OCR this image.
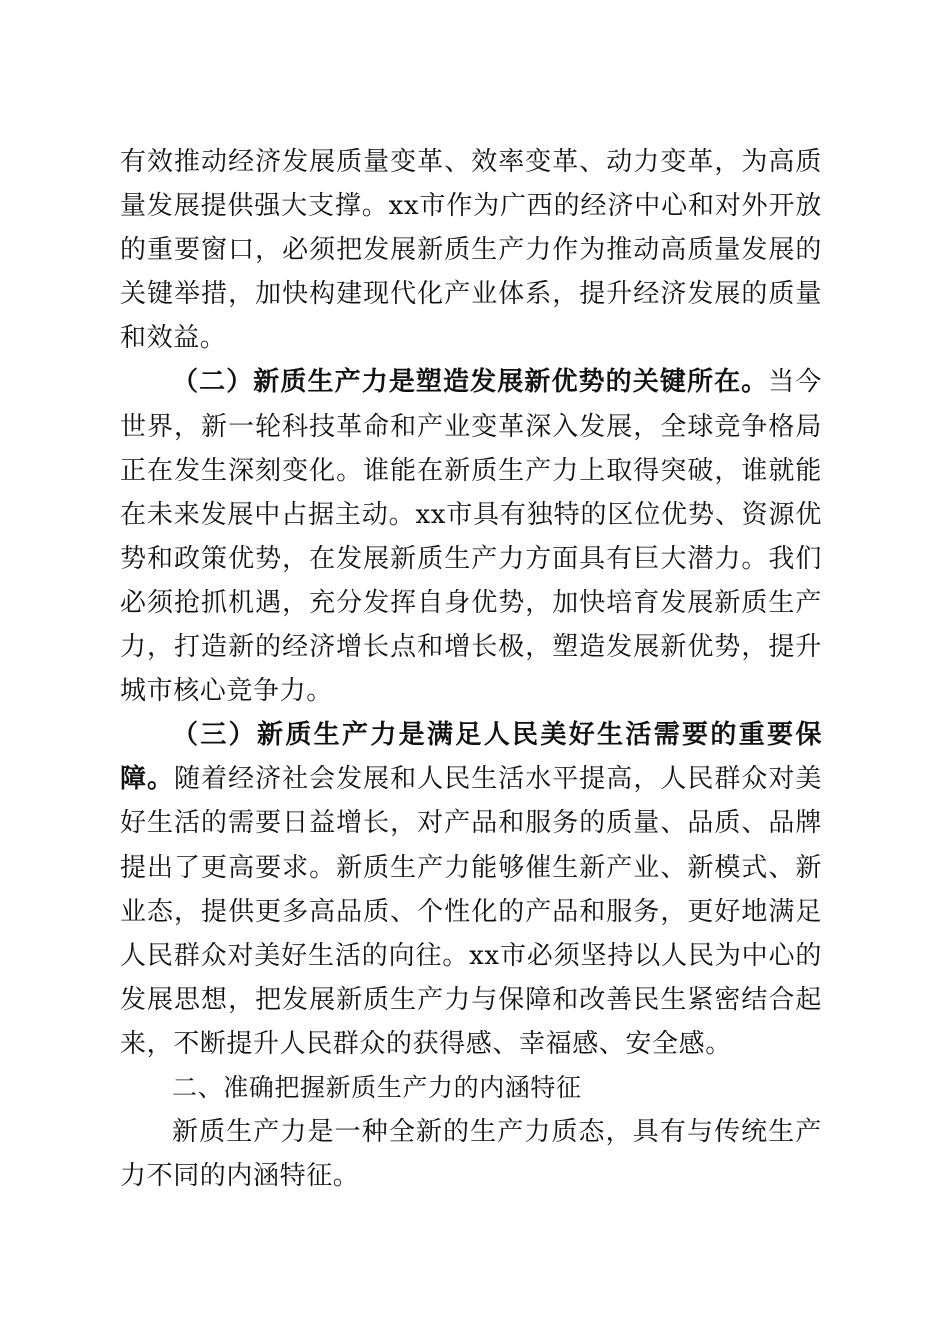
有效推动经济发展质量变革、效率变革、动力变革，为高质量发展提供强大支撑。xx市作为广西的经济中心和对外开放的重要窗口，必须把发展新质生产力作为推动高质量发展的关键举措，加快构建现代化产业体系，提升经济发展的质量和效益。

（二）新质生产力是塑造发展新优势的关键所在。当今世界，新一轮科技革命和产业变革深入发展，全球竞争格局正在发生深刻变化。谁能在新质生产力上取得突破，谁就能在未来发展中占据主动。xx市具有独特的区位优势、资源优势和政策优势，在发展新质生产力方面具有巨大潜力。我们必须抢抓机遇，充分发挥自身优势，加快培育发展新质生产力，打造新的经济增长点和增长极，塑造发展新优势，提升城市核心竞争力。

（三）新质生产力是满足人民美好生活需要的重要保障。随着经济社会发展和人民生活水平提高，人民群众对美好生活的需要日益增长，对产品和服务的质量、品质、品牌提出了更高要求。新质生产力能够催生新产业、新模式、新业态，提供更多高品质、个性化的产品和服务，更好地满足人民群众对美好生活的向往。xx市必须坚持以人民为中心的发展思想，把发展新质生产力与保障和改善民生紧密结合起来，不断提升人民群众的获得感、幸福感、安全感。

二、准确把握新质生产力的内涵特征

新质生产力是一种全新的生产力质态，具有与传统生产力不同的内涵特征。
